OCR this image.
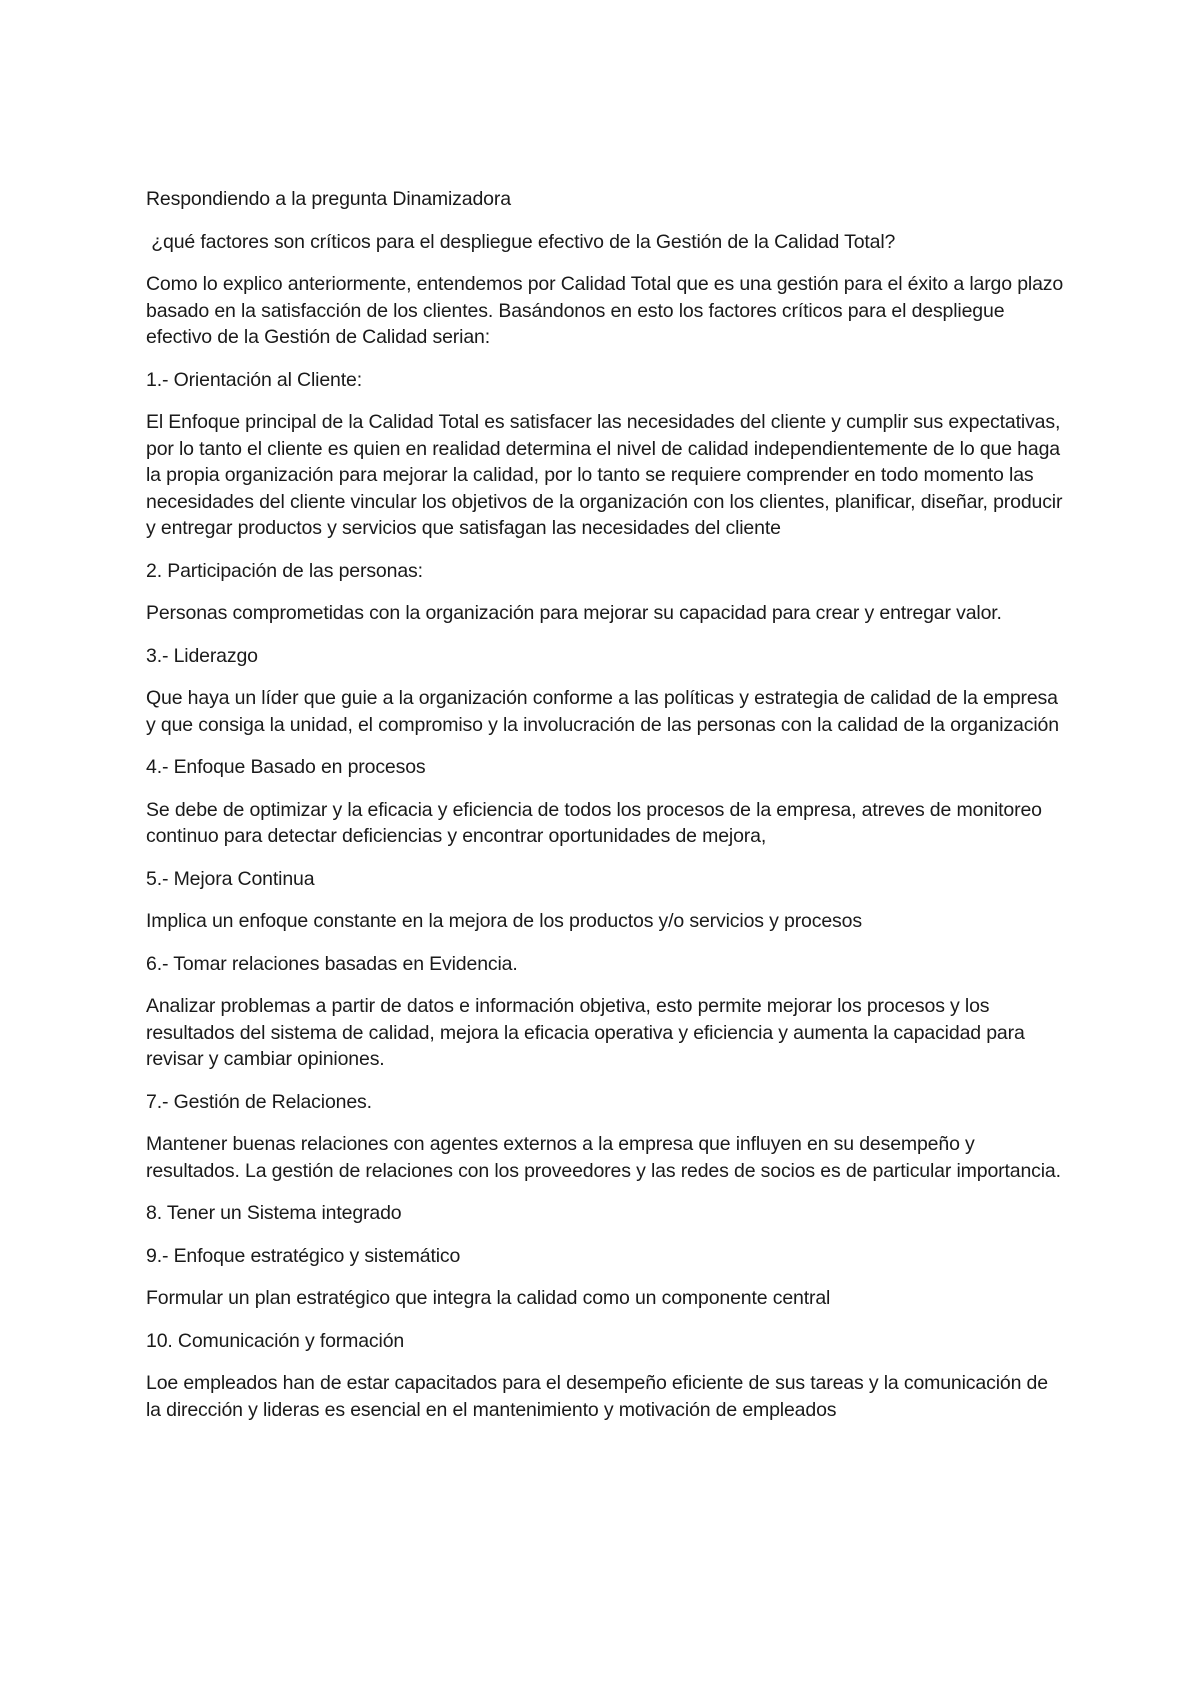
Respondiendo a la pregunta Dinamizadora

¿qué factores son críticos para el despliegue efectivo de la Gestión de la Calidad Total?

Como lo explico anteriormente, entendemos por Calidad Total que es una gestión para el éxito a largo plazo basado en la satisfacción de los clientes. Basándonos en esto los factores críticos para el despliegue efectivo de la Gestión de Calidad serian:

1.- Orientación al Cliente:

El Enfoque principal de la Calidad Total es satisfacer las necesidades del cliente y cumplir sus expectativas, por lo tanto el cliente es quien en realidad determina el nivel de calidad independientemente de lo que haga la propia organización para mejorar la calidad, por lo tanto se requiere comprender en todo momento las necesidades del cliente vincular los objetivos de la organización con los clientes, planificar, diseñar, producir y entregar productos y servicios que satisfagan las necesidades del cliente

2. Participación de las personas:

Personas comprometidas con la organización para mejorar su capacidad para crear y entregar valor.

3.- Liderazgo

Que haya un líder que guie a la organización conforme a las políticas y estrategia de calidad de la empresa y que consiga la unidad, el compromiso y la involucración de las personas con la calidad de la organización

4.- Enfoque Basado en procesos

Se debe de optimizar y la eficacia y eficiencia de todos los procesos de la empresa, atreves de monitoreo continuo para detectar deficiencias y encontrar oportunidades de mejora,

5.- Mejora Continua

Implica un enfoque constante en la mejora de los productos y/o servicios y procesos

6.- Tomar relaciones basadas en Evidencia.

Analizar problemas a partir de datos e información objetiva, esto permite mejorar los procesos y los resultados del sistema de calidad, mejora la eficacia operativa y eficiencia y aumenta la capacidad para revisar y cambiar opiniones.

7.- Gestión de Relaciones.

Mantener buenas relaciones con agentes externos a la empresa que influyen en su desempeño y resultados. La gestión de relaciones con los proveedores y las redes de socios es de particular importancia.

8. Tener un Sistema integrado

9.- Enfoque estratégico y sistemático

Formular un plan estratégico que integra la calidad como un componente central

10. Comunicación y formación

Loe empleados han de estar capacitados para el desempeño eficiente de sus tareas y la comunicación de la dirección y lideras es esencial en el mantenimiento y motivación de empleados
